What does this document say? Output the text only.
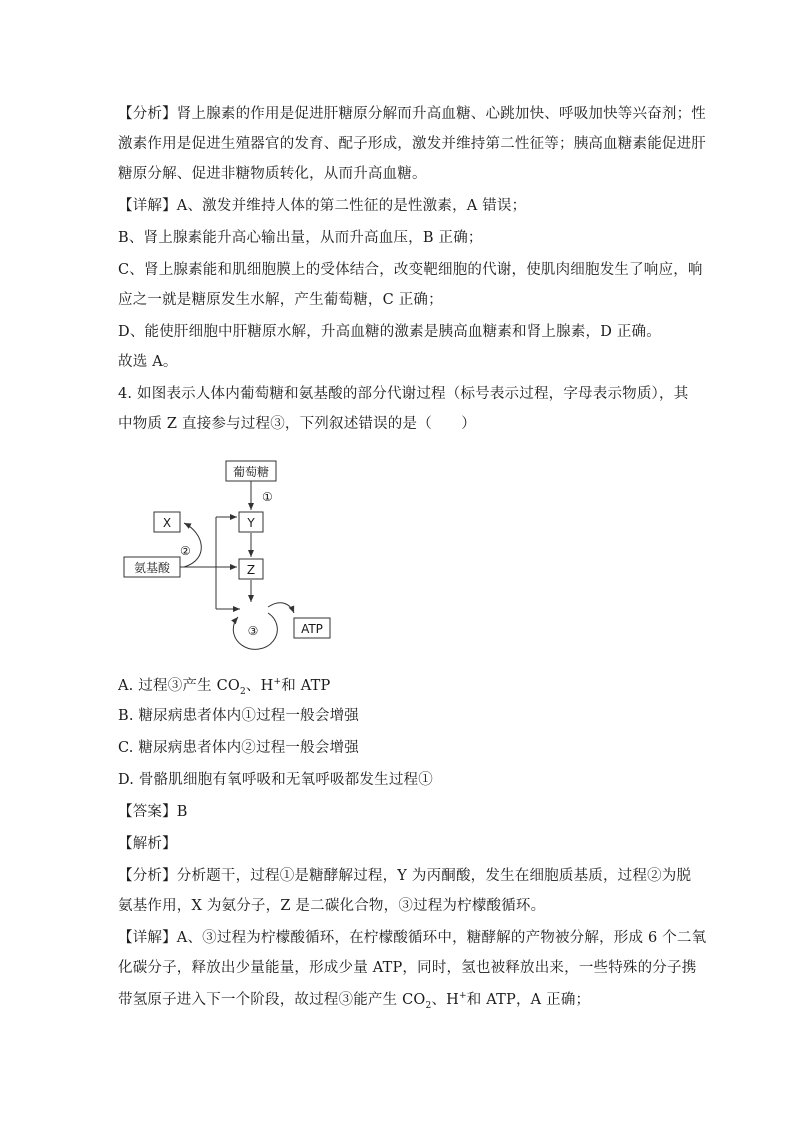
【分析】肾上腺素的作用是促进肝糖原分解而升高血糖、心跳加快、呼吸加快等兴奋剂；性
激素作用是促进生殖器官的发育、配子形成，激发并维持第二性征等；胰高血糖素能促进肝
糖原分解、促进非糖物质转化，从而升高血糖。
【详解】A、激发并维持人体的第二性征的是性激素，A 错误；
B、肾上腺素能升高心输出量，从而升高血压，B 正确；
C、肾上腺素能和肌细胞膜上的受体结合，改变靶细胞的代谢，使肌肉细胞发生了响应，响
应之一就是糖原发生水解，产生葡萄糖，C 正确；
D、能使肝细胞中肝糖原水解，升高血糖的激素是胰高血糖素和肾上腺素，D 正确。
故选 A。
4. 如图表示人体内葡萄糖和氨基酸的部分代谢过程（标号表示过程，字母表示物质），其
中物质 Z 直接参与过程③，下列叙述错误的是（　　）
葡萄糖
①
Y
Z
X
氨基酸
②
③	ATP
A. 过程③产生 $CO_2$、H+和 ATP
B. 糖尿病患者体内①过程一般会增强
C. 糖尿病患者体内②过程一般会增强
D. 骨骼肌细胞有氧呼吸和无氧呼吸都发生过程①
【答案】B
【解析】
【分析】分析题干，过程①是糖酵解过程，Y 为丙酮酸，发生在细胞质基质，过程②为脱
氨基作用，X 为氨分子，Z 是二碳化合物，③过程为柠檬酸循环。
【详解】A、③过程为柠檬酸循环，在柠檬酸循环中，糖酵解的产物被分解，形成 6 个二氧
化碳分子，释放出少量能量，形成少量 ATP，同时，氢也被释放出来，一些特殊的分子携
带氢原子进入下一个阶段，故过程③能产生 $CO_2$、H+和 ATP，A 正确；
